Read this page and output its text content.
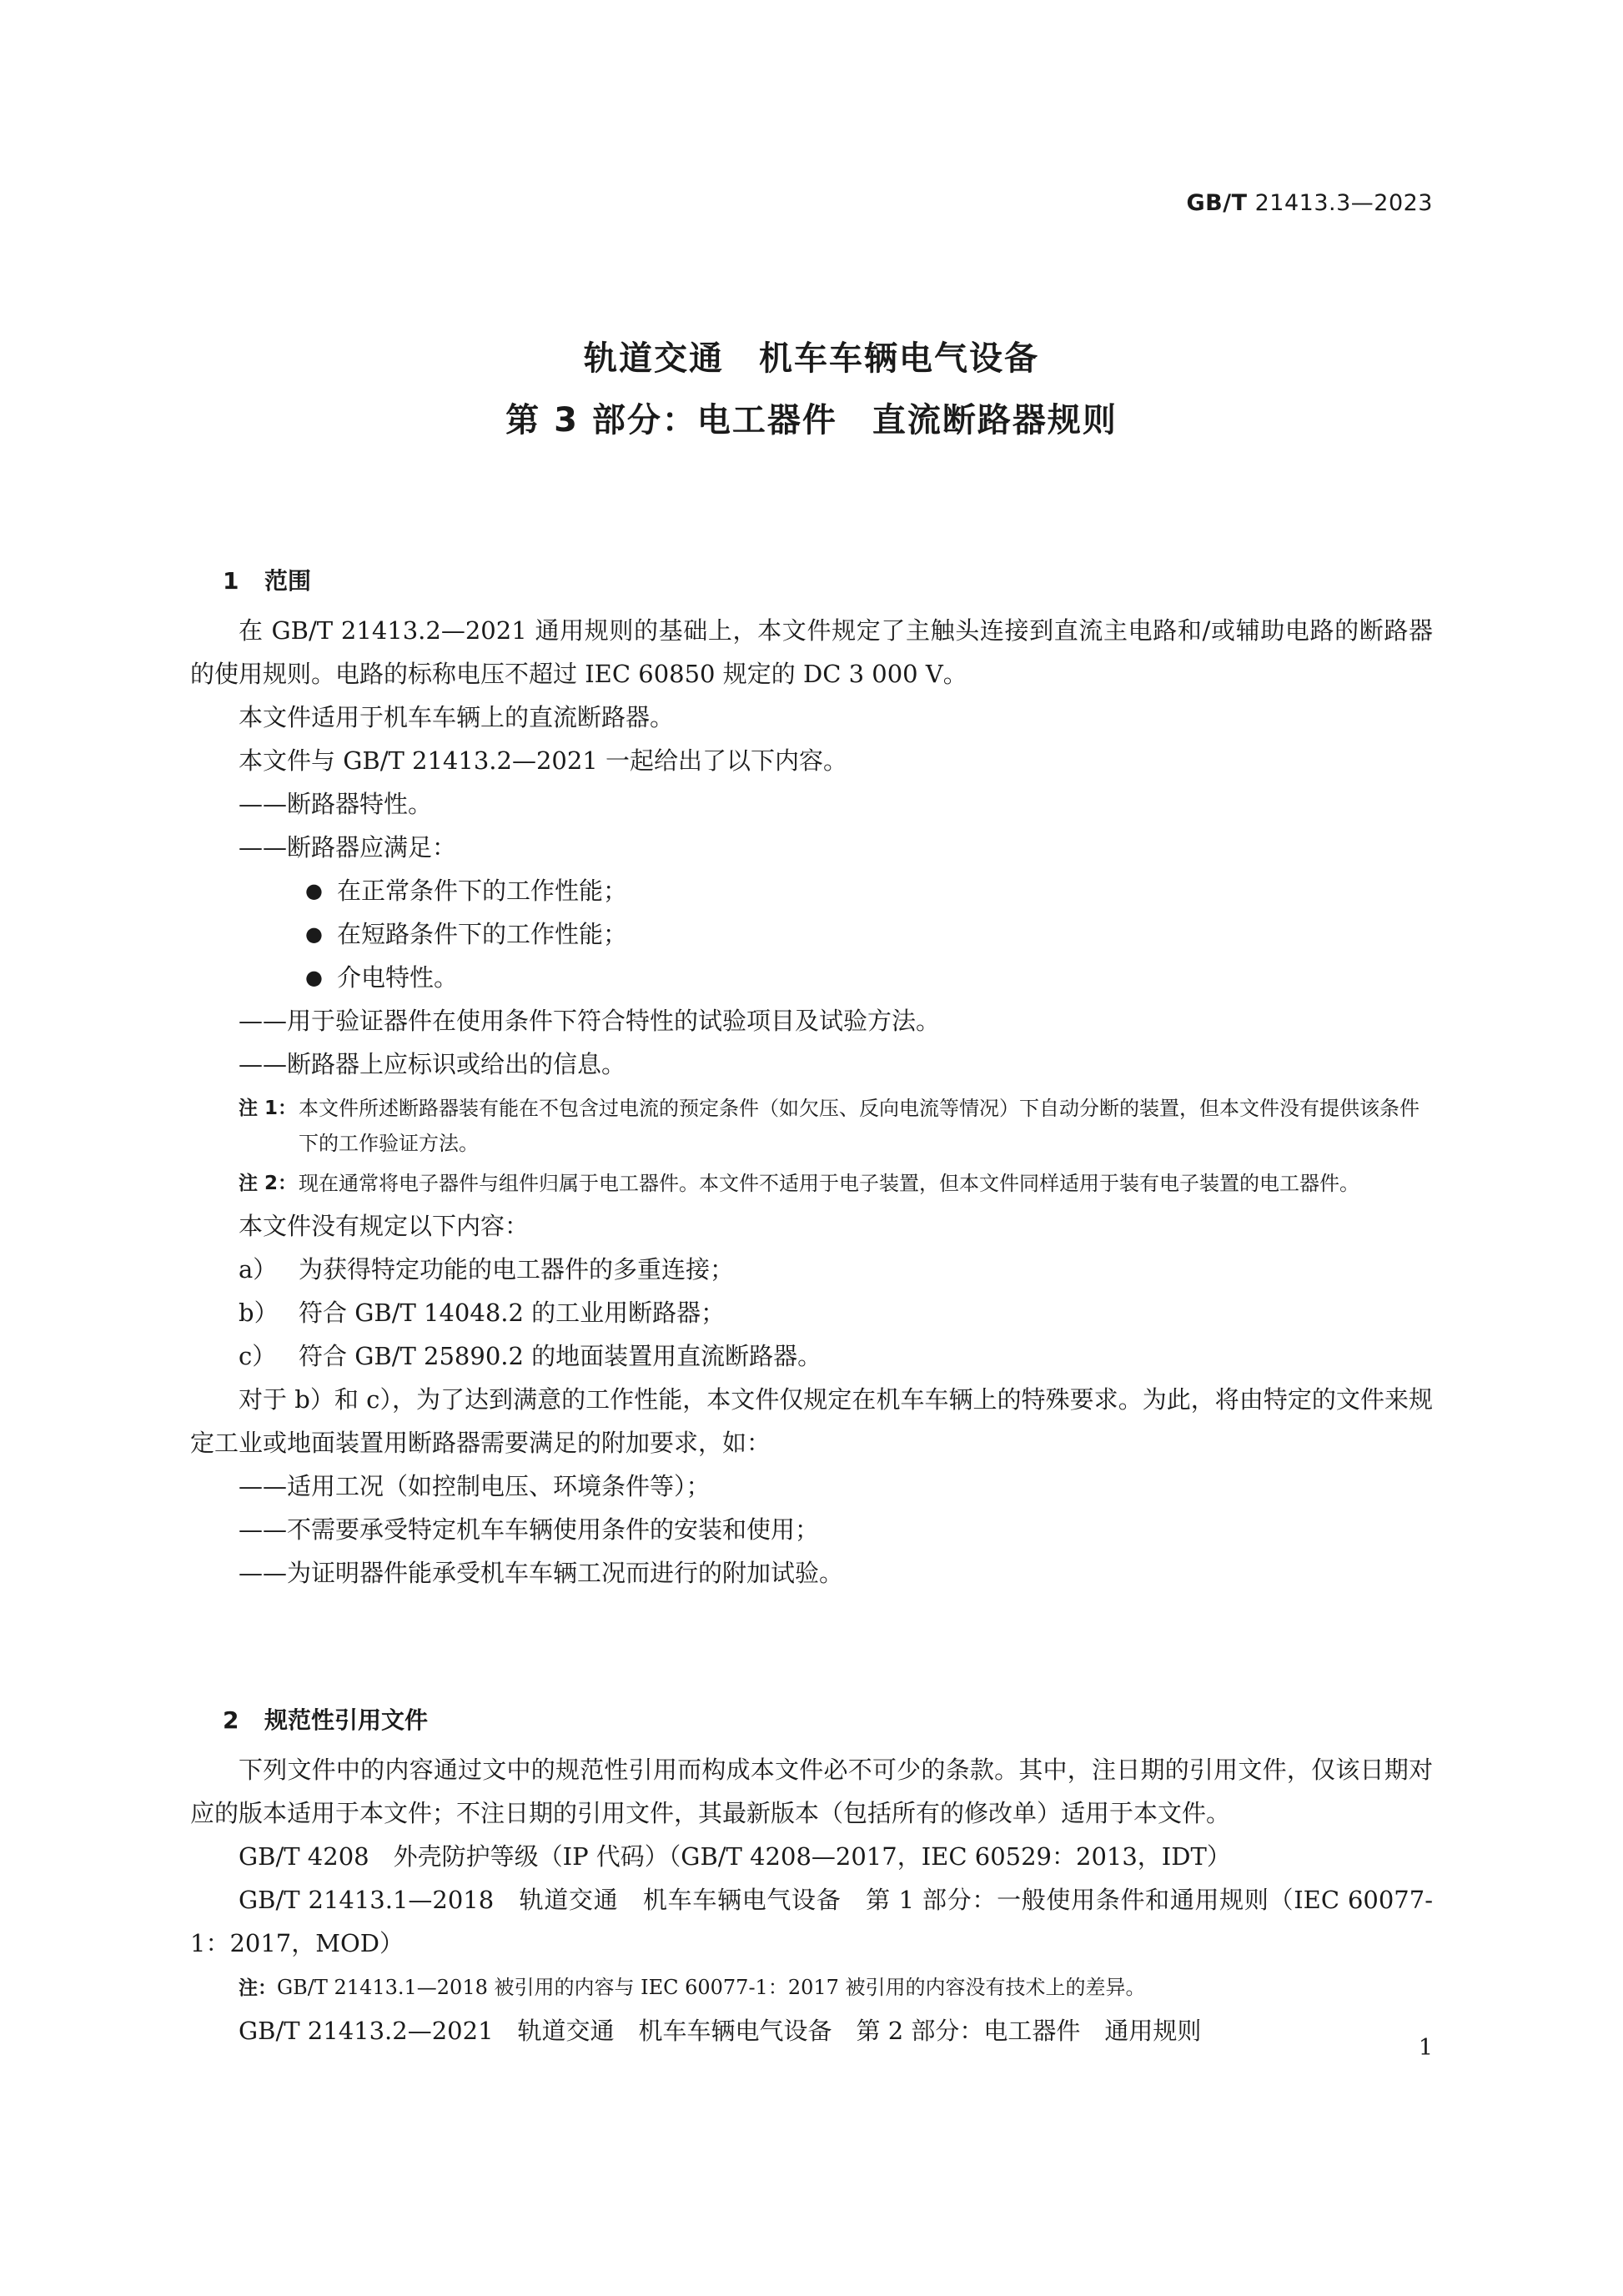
GB/T 21413.3—2023
轨道交通　机车车辆电气设备
第 3 部分：电工器件　直流断路器规则

1 范围

在 GB/T 21413.2—2021 通用规则的基础上，本文件规定了主触头连接到直流主电路和/或辅助电路的断路器的使用规则。电路的标称电压不超过 IEC 60850 规定的 DC 3 000 V。

本文件适用于机车车辆上的直流断路器。

本文件与 GB/T 21413.2—2021 一起给出了以下内容。

——断路器特性。

——断路器应满足：

● 在正常条件下的工作性能；

● 在短路条件下的工作性能；

● 介电特性。

——用于验证器件在使用条件下符合特性的试验项目及试验方法。

——断路器上应标识或给出的信息。

注 1： 本文件所述断路器装有能在不包含过电流的预定条件（如欠压、反向电流等情况）下自动分断的装置，但本文件没有提供该条件下的工作验证方法。
注 2： 现在通常将电子器件与组件归属于电工器件。本文件不适用于电子装置，但本文件同样适用于装有电子装置的电工器件。

本文件没有规定以下内容：

a） 为获得特定功能的电工器件的多重连接；

b） 符合 GB/T 14048.2 的工业用断路器；

c） 符合 GB/T 25890.2 的地面装置用直流断路器。

对于 b）和 c），为了达到满意的工作性能，本文件仅规定在机车车辆上的特殊要求。为此，将由特定的文件来规定工业或地面装置用断路器需要满足的附加要求，如：

——适用工况（如控制电压、环境条件等）；

——不需要承受特定机车车辆使用条件的安装和使用；

——为证明器件能承受机车车辆工况而进行的附加试验。

2 规范性引用文件

下列文件中的内容通过文中的规范性引用而构成本文件必不可少的条款。其中，注日期的引用文件，仅该日期对应的版本适用于本文件；不注日期的引用文件，其最新版本（包括所有的修改单）适用于本文件。

GB/T 4208　外壳防护等级（IP 代码）（GB/T 4208—2017，IEC 60529：2013，IDT）

GB/T 21413.1—2018　轨道交通　机车车辆电气设备　第 1 部分：一般使用条件和通用规则（IEC 60077-1：2017，MOD）

注：GB/T 21413.1—2018 被引用的内容与 IEC 60077-1：2017 被引用的内容没有技术上的差异。

GB/T 21413.2—2021　轨道交通　机车车辆电气设备　第 2 部分：电工器件　通用规则

1
